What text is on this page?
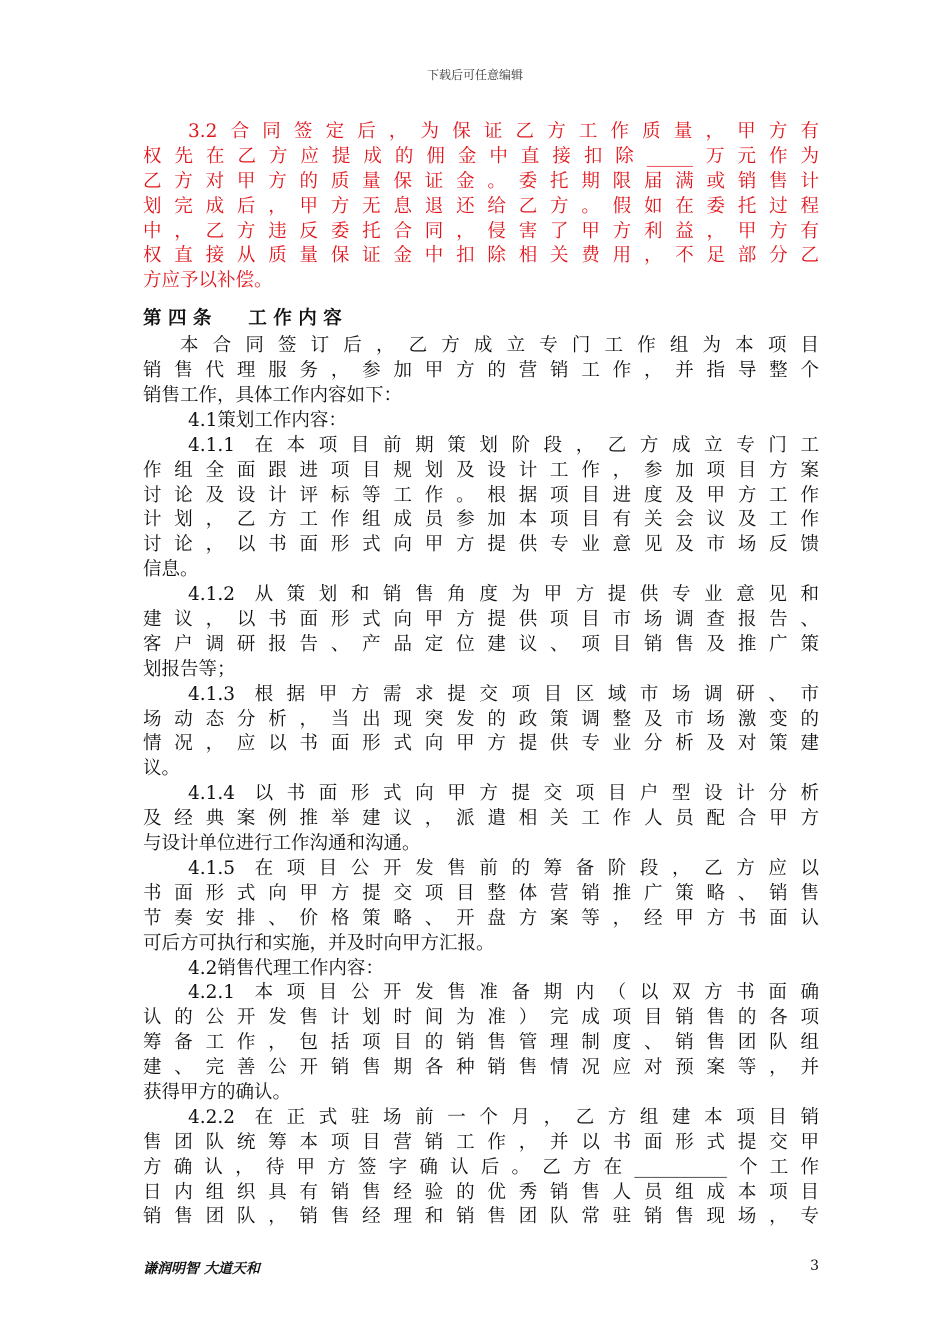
下载后可任意编辑
3.2合同签定后，为保证乙方工作质量，甲方有
权先在乙方应提成的佣金中直接扣除_____万元作为
乙方对甲方的质量保证金。委托期限届满或销售计
划完成后，甲方无息退还给乙方。假如在委托过程
中，乙方违反委托合同，侵害了甲方利益，甲方有
权直接从质量保证金中扣除相关费用，不足部分乙
方应予以补偿。
第 四 条　　工 作 内 容
本合同签订后，乙方成立专门工作组为本项目
销售代理服务，参加甲方的营销工作，并指导整个
销售工作，具体工作内容如下：
4.1策划工作内容：
4.1.1 在本项目前期策划阶段，乙方成立专门工
作组全面跟进项目规划及设计工作，参加项目方案
讨论及设计评标等工作。根据项目进度及甲方工作
计划，乙方工作组成员参加本项目有关会议及工作
讨论，以书面形式向甲方提供专业意见及市场反馈
信息。
4.1.2 从策划和销售角度为甲方提供专业意见和
建议，以书面形式向甲方提供项目市场调查报告、
客户调研报告、产品定位建议、项目销售及推广策
划报告等；
4.1.3 根据甲方需求提交项目区域市场调研、市
场动态分析，当出现突发的政策调整及市场激变的
情况，应以书面形式向甲方提供专业分析及对策建
议。
4.1.4 以书面形式向甲方提交项目户型设计分析
及经典案例推举建议，派遣相关工作人员配合甲方
与设计单位进行工作沟通和沟通。
4.1.5 在项目公开发售前的筹备阶段，乙方应以
书面形式向甲方提交项目整体营销推广策略、销售
节奏安排、价格策略、开盘方案等，经甲方书面认
可后方可执行和实施，并及时向甲方汇报。
4.2销售代理工作内容：
4.2.1 本项目公开发售准备期内（以双方书面确
认的公开发售计划时间为准）完成项目销售的各项
筹备工作，包括项目的销售管理制度、销售团队组
建、完善公开销售期各种销售情况应对预案等，并
获得甲方的确认。
4.2.2 在正式驻场前一个月，乙方组建本项目销
售团队统筹本项目营销工作，并以书面形式提交甲
方确认，待甲方签字确认后。乙方在__________个工作
日内组织具有销售经验的优秀销售人员组成本项目
销售团队，销售经理和销售团队常驻销售现场，专
谦润明智 大道天和	3
